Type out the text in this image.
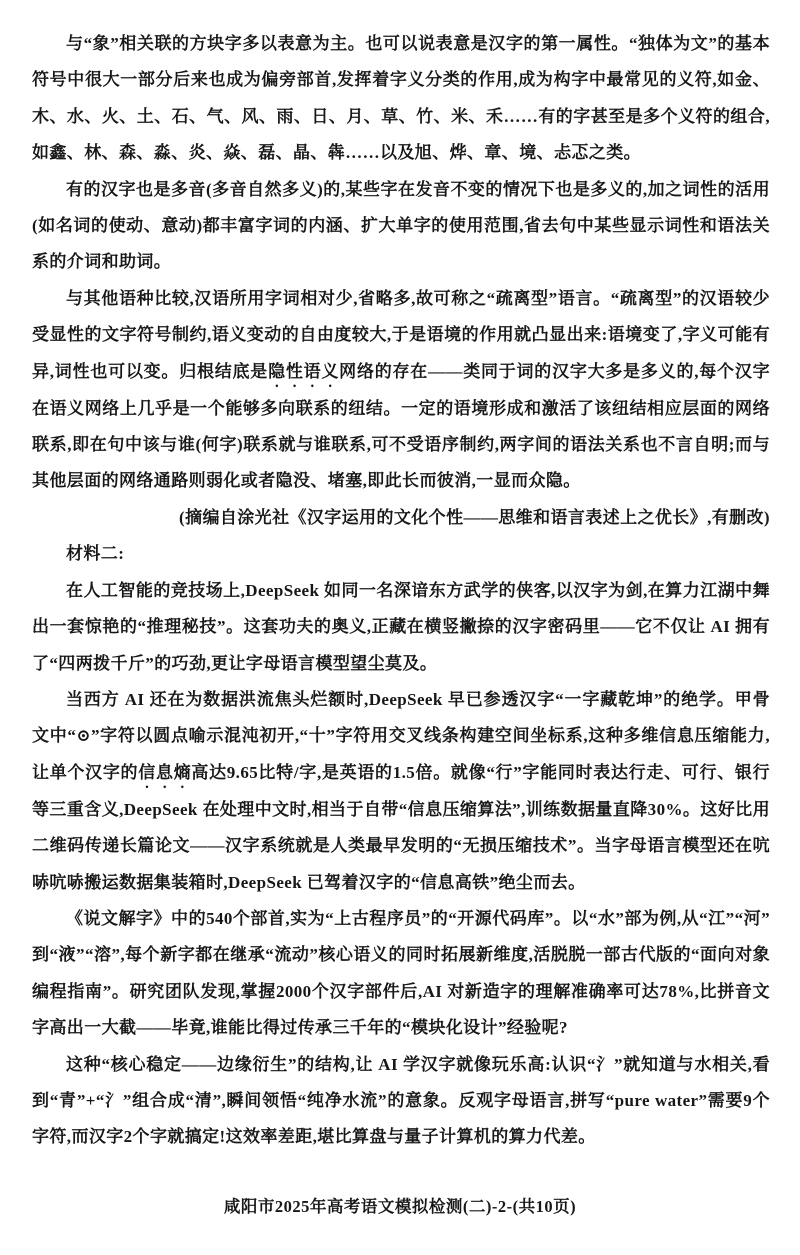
与“象”相关联的方块字多以表意为主。也可以说表意是汉字的第一属性。“独体为文”的基本符号中很大一部分后来也成为偏旁部首,发挥着字义分类的作用,成为构字中最常见的义符,如金、木、水、火、土、石、气、风、雨、日、月、草、竹、米、禾……有的字甚至是多个义符的组合,如鑫、林、森、淼、炎、焱、磊、晶、犇……以及旭、烨、章、境、忐忑之类。

有的汉字也是多音(多音自然多义)的,某些字在发音不变的情况下也是多义的,加之词性的活用(如名词的使动、意动)都丰富字词的内涵、扩大单字的使用范围,省去句中某些显示词性和语法关系的介词和助词。

与其他语种比较,汉语所用字词相对少,省略多,故可称之“疏离型”语言。“疏离型”的汉语较少受显性的文字符号制约,语义变动的自由度较大,于是语境的作用就凸显出来:语境变了,字义可能有异,词性也可以变。归根结底是隐性语义网络的存在——类同于词的汉字大多是多义的,每个汉字在语义网络上几乎是一个能够多向联系的纽结。一定的语境形成和激活了该纽结相应层面的网络联系,即在句中该与谁(何字)联系就与谁联系,可不受语序制约,两字间的语法关系也不言自明;而与其他层面的网络通路则弱化或者隐没、堵塞,即此长而彼消,一显而众隐。

(摘编自涂光社《汉字运用的文化个性——思维和语言表述上之优长》,有删改)

材料二:

在人工智能的竞技场上,DeepSeek 如同一名深谙东方武学的侠客,以汉字为剑,在算力江湖中舞出一套惊艳的“推理秘技”。这套功夫的奥义,正藏在横竖撇捺的汉字密码里——它不仅让 AI 拥有了“四两拨千斤”的巧劲,更让字母语言模型望尘莫及。

当西方 AI 还在为数据洪流焦头烂额时,DeepSeek 早已参透汉字“一字藏乾坤”的绝学。甲骨文中“⊙”字符以圆点喻示混沌初开,“十”字符用交叉线条构建空间坐标系,这种多维信息压缩能力,让单个汉字的信息熵高达9.65比特/字,是英语的1.5倍。就像“行”字能同时表达行走、可行、银行等三重含义,DeepSeek 在处理中文时,相当于自带“信息压缩算法”,训练数据量直降30%。这好比用二维码传递长篇论文——汉字系统就是人类最早发明的“无损压缩技术”。当字母语言模型还在吭哧吭哧搬运数据集装箱时,DeepSeek 已驾着汉字的“信息高铁”绝尘而去。

《说文解字》中的540个部首,实为“上古程序员”的“开源代码库”。以“水”部为例,从“江”“河”到“液”“溶”,每个新字都在继承“流动”核心语义的同时拓展新维度,活脱脱一部古代版的“面向对象编程指南”。研究团队发现,掌握2000个汉字部件后,AI 对新造字的理解准确率可达78%,比拼音文字高出一大截——毕竟,谁能比得过传承三千年的“模块化设计”经验呢?

这种“核心稳定——边缘衍生”的结构,让 AI 学汉字就像玩乐高:认识“氵”就知道与水相关,看到“青”+“氵”组合成“清”,瞬间领悟“纯净水流”的意象。反观字母语言,拼写“pure water”需要9个字符,而汉字2个字就搞定!这效率差距,堪比算盘与量子计算机的算力代差。

咸阳市2025年高考语文模拟检测(二)-2-(共10页)
